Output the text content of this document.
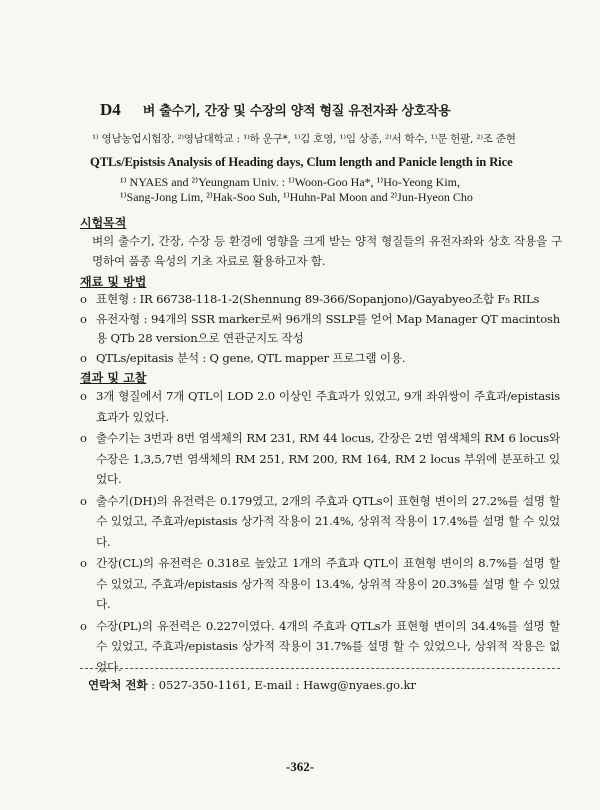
D4 벼 출수기, 간장 및 수장의 양적 형질 유전자좌 상호작용
¹⁾ 영남농업시험장, ²⁾영남대학교 : ¹⁾하 운구*, ¹⁾김 호영, ¹⁾임 상종, ²⁾서 학수, ¹⁾문 헌팔, ²⁾조 준현
QTLs/Epistsis Analysis of Heading days, Clum length and Panicle length in Rice
¹⁾ NYAES and ²⁾Yeungnam Univ. : ¹⁾Woon-Goo Ha*, ¹⁾Ho-Yeong Kim,
¹⁾Sang-Jong Lim, ²⁾Hak-Soo Suh, ¹⁾Huhn-Pal Moon and ²⁾Jun-Hyeon Cho
시험목적
벼의 출수기, 간장, 수장 등 환경에 영향을 크게 받는 양적 형질들의 유전자좌와 상호 작용을 구명하여 품종 육성의 기초 자료로 활용하고자 함.
재료 및 방법
o 표현형 : IR 66738-118-1-2(Shennung 89-366/Sopanjono)/Gayabyeo조합 F₅ RILs
o 유전자형 : 94개의 SSR marker로써 96개의 SSLP를 얻어 Map Manager QT macintosh용 QTb 28 version으로 연관군지도 작성
o QTLs/epitasis 분석 : Q gene, QTL mapper 프로그램 이용.
결과 및 고찰
o 3개 형질에서 7개 QTL이 LOD 2.0 이상인 주효과가 있었고, 9개 좌위쌍이 주효과/epistasis 효과가 있었다.
o 출수기는 3번과 8번 염색체의 RM 231, RM 44 locus, 간장은 2번 염색체의 RM 6 locus와 수장은 1,3,5,7번 염색체의 RM 251, RM 200, RM 164, RM 2 locus 부위에 분포하고 있었다.
o 출수기(DH)의 유전력은 0.179였고, 2개의 주효과 QTLs이 표현형 변이의 27.2%를 설명 할 수 있었고, 주효과/epistasis 상가적 작용이 21.4%, 상위적 작용이 17.4%를 설명 할 수 있었다.
o 간장(CL)의 유전력은 0.318로 높았고 1개의 주효과 QTL이 표현형 변이의 8.7%를 설명 할 수 있었고, 주효과/epistasis 상가적 작용이 13.4%, 상위적 작용이 20.3%를 설명 할 수 있었다.
o 수장(PL)의 유전력은 0.227이였다. 4개의 주효과 QTLs가 표현형 변이의 34.4%를 설명 할 수 있었고, 주효과/epistasis 상가적 작용이 31.7%를 설명 할 수 있었으나, 상위적 작용은 없었다.
연락처 전화 : 0527-350-1161, E-mail : Hawg@nyaes.go.kr
-362-
